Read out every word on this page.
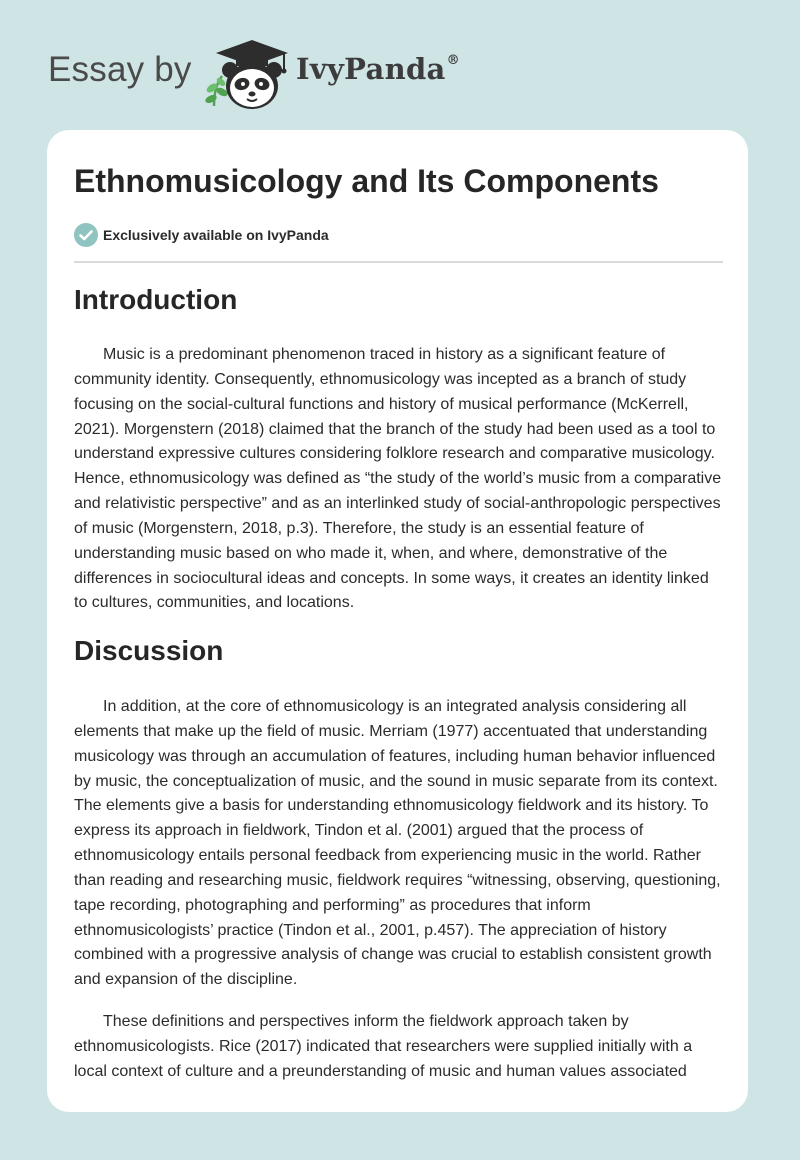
Essay by	IvyPanda®
Ethnomusicology and Its Components
Exclusively available on IvyPanda
Introduction

Music is a predominant phenomenon traced in history as a significant feature of community identity. Consequently, ethnomusicology was incepted as a branch of study focusing on the social-cultural functions and history of musical performance (McKerrell, 2021). Morgenstern (2018) claimed that the branch of the study had been used as a tool to understand expressive cultures considering folklore research and comparative musicology. Hence, ethnomusicology was defined as “the study of the world’s music from a comparative and relativistic perspective” and as an interlinked study of social-anthropologic perspectives of music (Morgenstern, 2018, p.3). Therefore, the study is an essential feature of understanding music based on who made it, when, and where, demonstrative of the differences in sociocultural ideas and concepts. In some ways, it creates an identity linked to cultures, communities, and locations.

Discussion

In addition, at the core of ethnomusicology is an integrated analysis considering all elements that make up the field of music. Merriam (1977) accentuated that understanding musicology was through an accumulation of features, including human behavior influenced by music, the conceptualization of music, and the sound in music separate from its context. The elements give a basis for understanding ethnomusicology fieldwork and its history. To express its approach in fieldwork, Tindon et al. (2001) argued that the process of ethnomusicology entails personal feedback from experiencing music in the world. Rather than reading and researching music, fieldwork requires “witnessing, observing, questioning, tape recording, photographing and performing” as procedures that inform ethnomusicologists’ practice (Tindon et al., 2001, p.457). The appreciation of history combined with a progressive analysis of change was crucial to establish consistent growth and expansion of the discipline.

These definitions and perspectives inform the fieldwork approach taken by ethnomusicologists. Rice (2017) indicated that researchers were supplied initially with a local context of culture and a preunderstanding of music and human values associated
